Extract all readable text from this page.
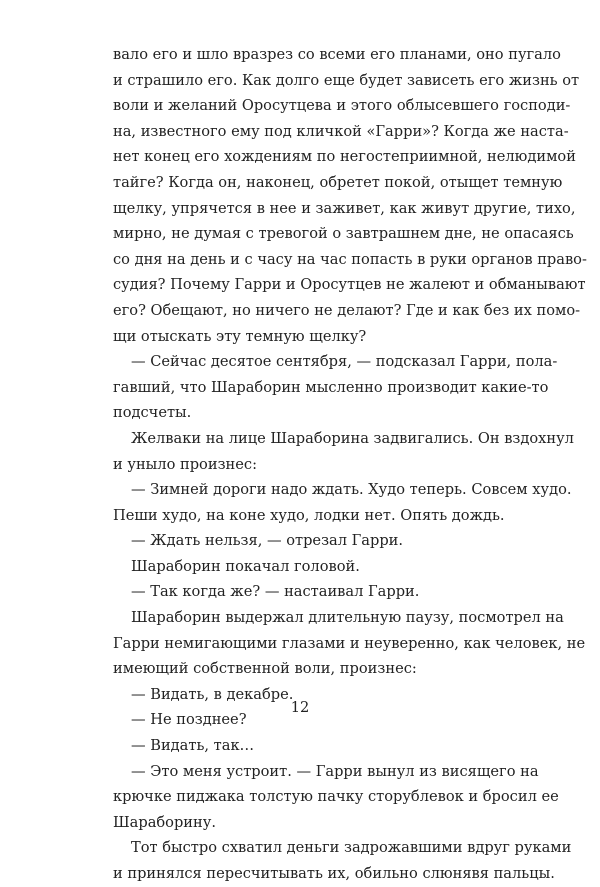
вало его и шло вразрез со всеми его планами, оно пугало
и страшило его. Как долго еще будет зависеть его жизнь от
воли и желаний Оросутцева и этого облысевшего господи-
на, известного ему под кличкой «Гарри»? Когда же наста-
нет конец его хождениям по негостеприимной, нелюдимой
тайге? Когда он, наконец, обретет покой, отыщет темную
щелку, упрячется в нее и заживет, как живут другие, тихо,
мирно, не думая с тревогой о завтрашнем дне, не опасаясь
со дня на день и с часу на час попасть в руки органов право-
судия? Почему Гарри и Оросутцев не жалеют и обманывают
его? Обещают, но ничего не делают? Где и как без их помо-
щи отыскать эту темную щелку?
— Сейчас десятое сентября, — подсказал Гарри, пола-
гавший, что Шараборин мысленно производит какие-то
подсчеты.
Желваки на лице Шараборина задвигались. Он вздохнул
и уныло произнес:
— Зимней дороги надо ждать. Худо теперь. Совсем худо.
Пеши худо, на коне худо, лодки нет. Опять дождь.
— Ждать нельзя, — отрезал Гарри.
Шараборин покачал головой.
— Так когда же? — настаивал Гарри.
Шараборин выдержал длительную паузу, посмотрел на
Гарри немигающими глазами и неуверенно, как человек, не
имеющий собственной воли, произнес:
— Видать, в декабре.
— Не позднее?
— Видать, так…
— Это меня устроит. — Гарри вынул из висящего на
крючке пиджака толстую пачку сторублевок и бросил ее
Шараборину.
Тот быстро схватил деньги задрожавшими вдруг руками
и принялся пересчитывать их, обильно слюнявя пальцы.
12
